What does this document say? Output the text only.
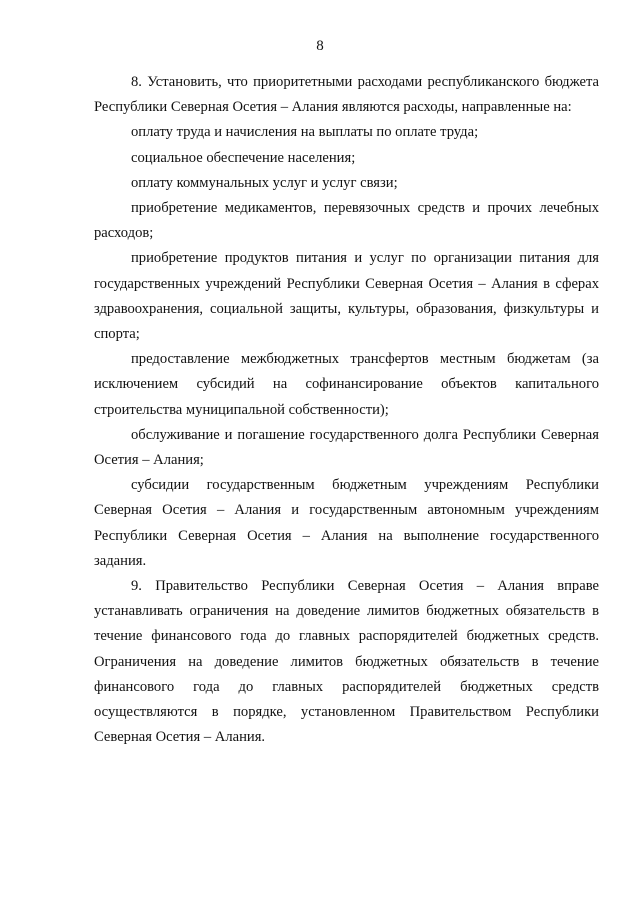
8

8. Установить, что приоритетными расходами республиканского бюджета Республики Северная Осетия – Алания являются расходы, направленные на:

оплату труда и начисления на выплаты по оплате труда;

социальное обеспечение населения;

оплату коммунальных услуг и услуг связи;

приобретение медикаментов, перевязочных средств и прочих лечебных расходов;

приобретение продуктов питания и услуг по организации питания для государственных учреждений Республики Северная Осетия – Алания в сферах здравоохранения, социальной защиты, культуры, образования, физкультуры и спорта;

предоставление межбюджетных трансфертов местным бюджетам (за исключением субсидий на софинансирование объектов капитального строительства муниципальной собственности);

обслуживание и погашение государственного долга Республики Северная Осетия – Алания;

субсидии государственным бюджетным учреждениям Республики Северная Осетия – Алания и государственным автономным учреждениям Республики Северная Осетия – Алания на выполнение государственного задания.

9. Правительство Республики Северная Осетия – Алания вправе устанавливать ограничения на доведение лимитов бюджетных обязательств в течение финансового года до главных распорядителей бюджетных средств. Ограничения на доведение лимитов бюджетных обязательств в течение финансового года до главных распорядителей бюджетных средств осуществляются в порядке, установленном Правительством Республики Северная Осетия – Алания.
